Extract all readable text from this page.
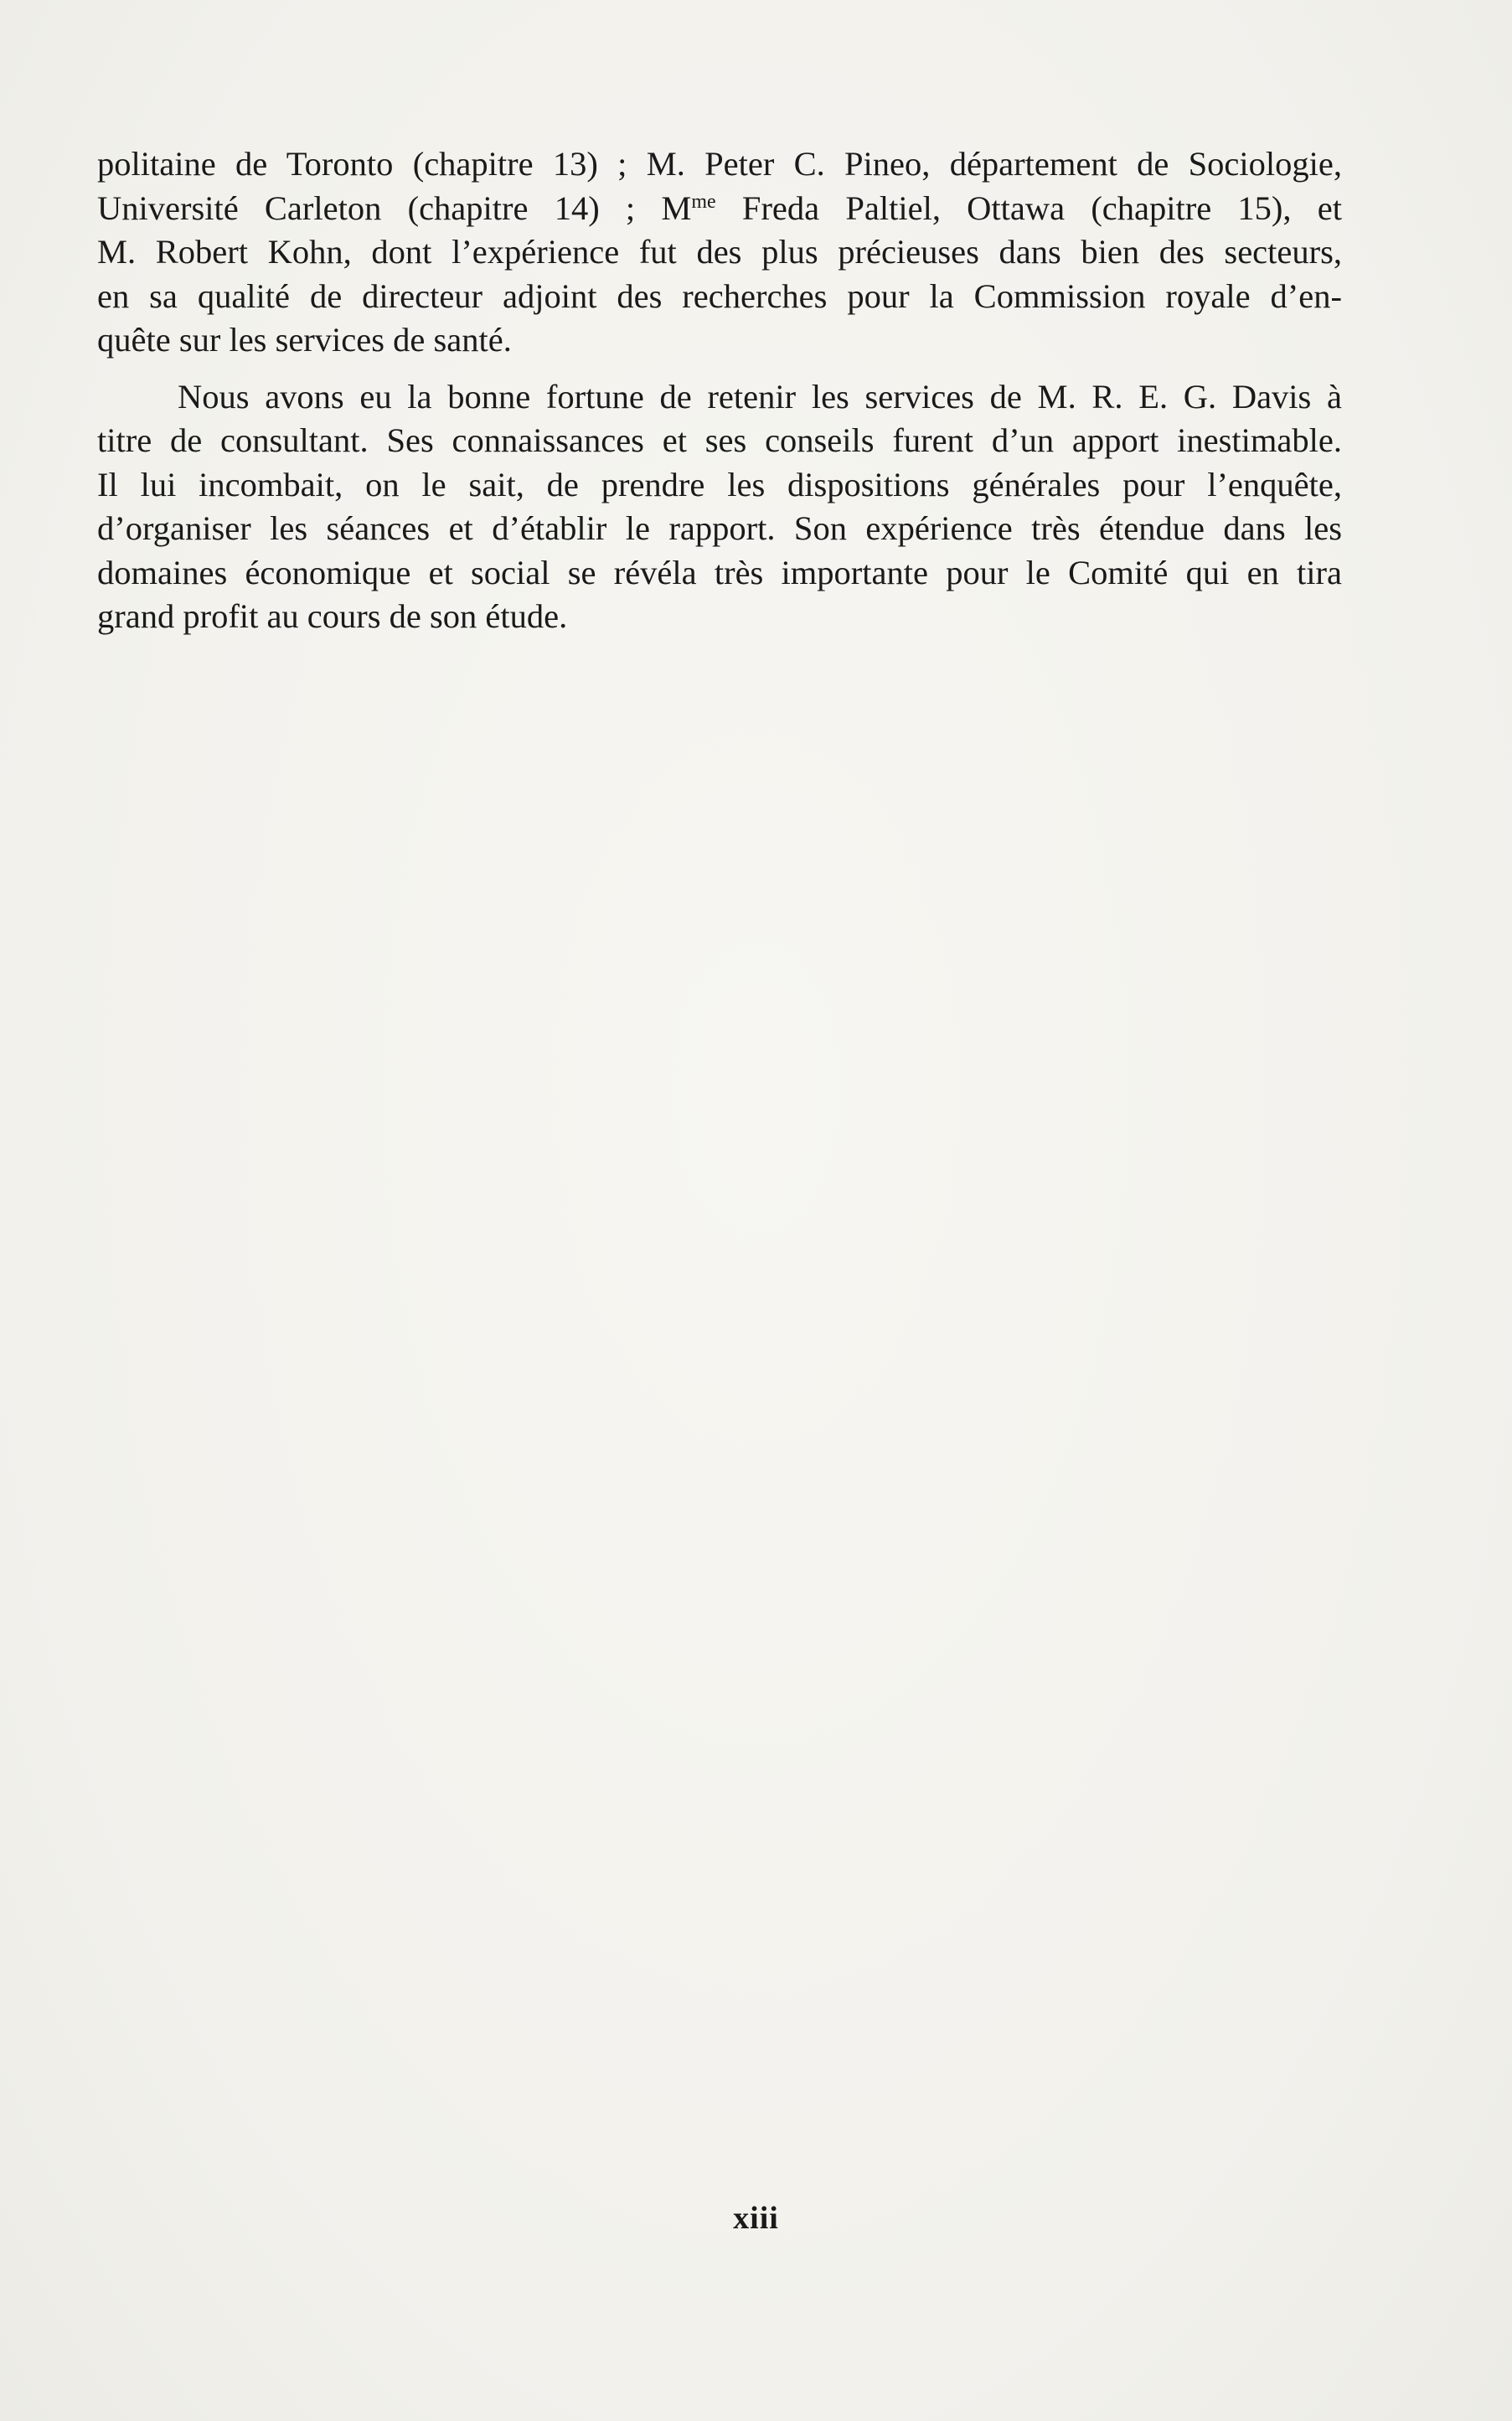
politaine de Toronto (chapitre 13) ; M. Peter C. Pineo, département de Sociologie,
Université Carleton (chapitre 14) ; $M^{me}$ Freda Paltiel, Ottawa (chapitre 15), et
M. Robert Kohn, dont l’expérience fut des plus précieuses dans bien des secteurs,
en sa qualité de directeur adjoint des recherches pour la Commission royale d’en-
quête sur les services de santé.
Nous avons eu la bonne fortune de retenir les services de M. R. E. G. Davis à
titre de consultant. Ses connaissances et ses conseils furent d’un apport inestimable.
Il lui incombait, on le sait, de prendre les dispositions générales pour l’enquête,
d’organiser les séances et d’établir le rapport. Son expérience très étendue dans les
domaines économique et social se révéla très importante pour le Comité qui en tira
grand profit au cours de son étude.
xiii
